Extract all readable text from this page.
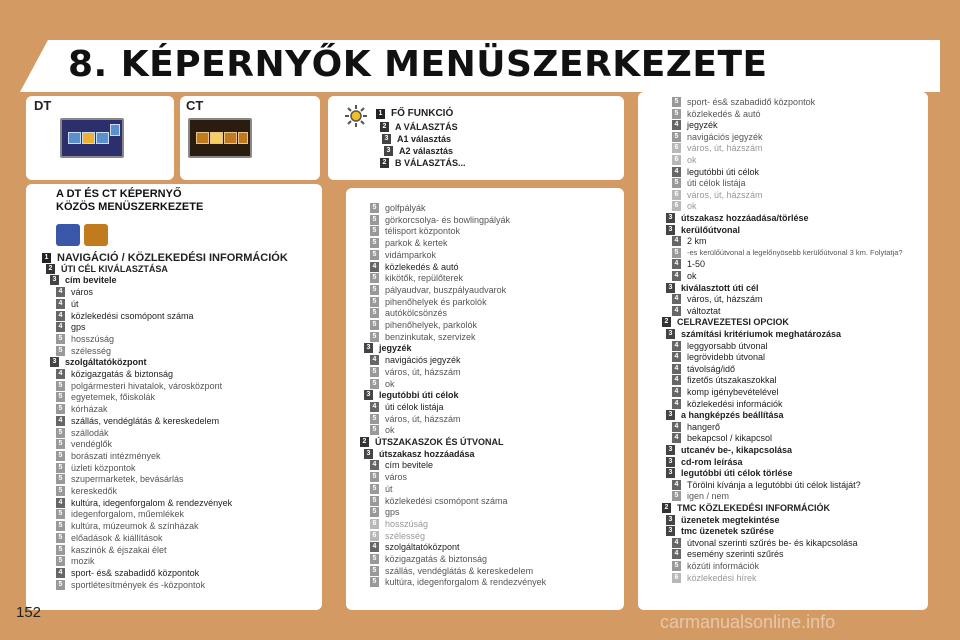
8. KÉPERNYŐK MENÜSZERKEZETE
DT	CT	1 FŐ FUNKCIÓ
2 A VÁLASZTÁS
3 A1 választás
3 A2 választás
2 B VÁLASZTÁS...
A DT ÉS CT KÉPERNYŐ
KÖZÖS MENÜSZERKEZETE
1 NAVIGÁCIÓ / KÖZLEKEDÉSI INFORMÁCIÓK
2 ÚTI CÉL KIVÁLASZTÁSA
3 cím bevitele
4 város
4 út
4 közlekedési csomópont száma
4 gps
5 hosszúság
5 szélesség
3 szolgáltatóközpont
4 közigazgatás & biztonság
5 polgármesteri hivatalok, városközpont
5 egyetemek, főiskolák
5 kórházak
4 szállás, vendéglátás & kereskedelem
5 szállodák
5 vendéglők
5 borászati intézmények
5 üzleti központok
5 szupermarketek, bevásárlás
5 kereskedők
4 kultúra, idegenforgalom & rendezvények
5 idegenforgalom, műemlékek
5 kultúra, múzeumok & színházak
5 előadások & kiállítások
5 kaszinók & éjszakai élet
5 mozik
4 sport- és& szabadidő központok
5 sportlétesítmények és -központok
5 golfpályák
5 görkorcsolya- és bowlingpályák
5 télisport központok
5 parkok & kertek
5 vidámparkok
4 közlekedés & autó
5 kikötők, repülőterek
5 pályaudvar, buszpályaudvarok
5 pihenőhelyek és parkolók
5 autókölcsönzés
5 pihenőhelyek, parkolók
5 benzinkutak, szervizek
3 jegyzék
4 navigációs jegyzék
5 város, út, házszám
5 ok
3 legutóbbi úti célok
4 úti célok listája
5 város, út, házszám
5 ok
2 ÚTSZAKASZOK ÉS ÚTVONAL
3 útszakasz hozzáadása
4 cím bevitele
5 város
5 út
5 közlekedési csomópont száma
5 gps
6 hosszúság
6 szélesség
4 szolgáltatóközpont
5 közigazgatás & biztonság
5 szállás, vendéglátás & kereskedelem
5 kultúra, idegenforgalom & rendezvények
5 sport- és& szabadidő központok
5 közlekedés & autó
4 jegyzék
5 navigációs jegyzék
6 város, út, házszám
6 ok
4 legutóbbi úti célok
5 úti célok listája
6 város, út, házszám
6 ok
3 útszakasz hozzáadása/törlése
3 kerülőútvonal
4 2 km
5	-es kerülőútvonal a legelőnyösebb kerülőútvonal 3 km. Folytatja?
4 1-50
4 ok
3 kiválasztott úti cél
4 város, út, házszám
4 változtat
2 CELRAVEZETESI OPCIOK
3 számítási kritériumok meghatározása
4 leggyorsabb útvonal
4 legrövidebb útvonal
4 távolság/idő
4 fizetős útszakaszokkal
4 komp igénybevételével
4 közlekedési információk
3 a hangképzés beállítása
4 hangerő
4 bekapcsol / kikapcsol
3 utcanév be-, kikapcsolása
3 cd-rom leírása
3 legutóbbi úti célok törlése
4 Törölni kívánja a legutóbbi úti célok listáját?
5 igen / nem
2 TMC KÖZLEKEDÉSI INFORMÁCIÓK
3 üzenetek megtekintése
3 tmc üzenetek szűrése
4 útvonal szerinti szűrés be- és kikapcsolása
4 esemény szerinti szűrés
5 közúti információk
6 közlekedési hírek
152	carmanualsonline.info
